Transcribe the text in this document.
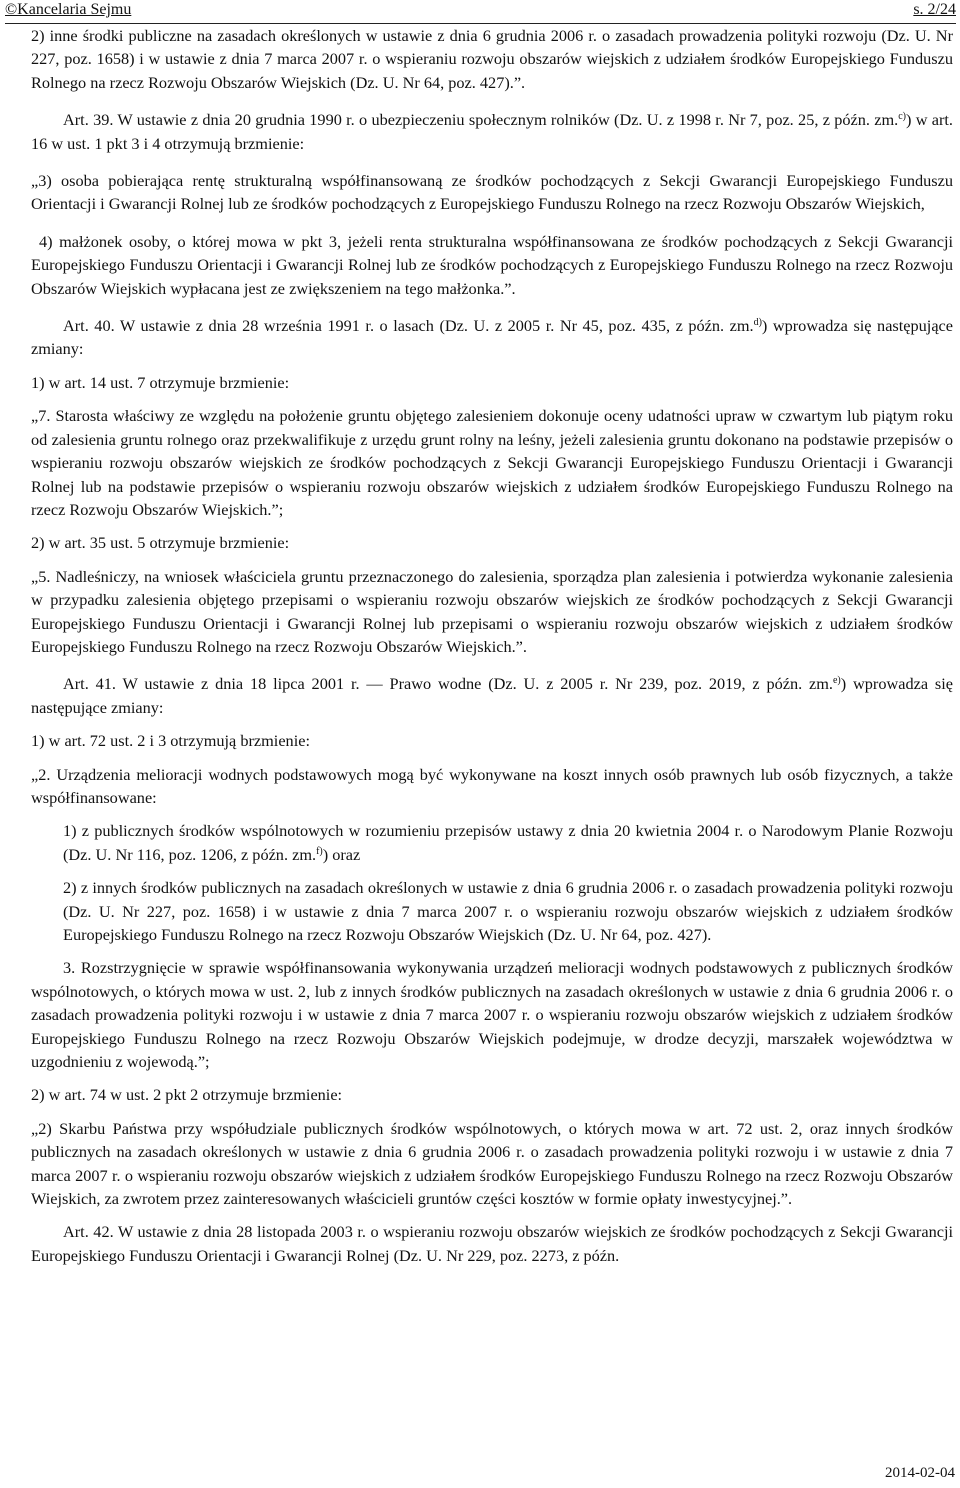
©Kancelaria Sejmu	s. 2/24

2) inne środki publiczne na zasadach określonych w ustawie z dnia 6 grudnia 2006 r. o zasadach prowadzenia polityki rozwoju (Dz. U. Nr 227, poz. 1658) i w ustawie z dnia 7 marca 2007 r. o wspieraniu rozwoju obszarów wiejskich z udziałem środków Europejskiego Funduszu Rolnego na rzecz Rozwoju Obszarów Wiejskich (Dz. U. Nr 64, poz. 427).”.

Art. 39. W ustawie z dnia 20 grudnia 1990 r. o ubezpieczeniu społecznym rolników (Dz. U. z 1998 r. Nr 7, poz. 25, z późn. zm.$^{c)}$) w art. 16 w ust. 1 pkt 3 i 4 otrzymują brzmienie:

„3) osoba pobierająca rentę strukturalną współfinansowaną ze środków pochodzących z Sekcji Gwarancji Europejskiego Funduszu Orientacji i Gwarancji Rolnej lub ze środków pochodzących z Europejskiego Funduszu Rolnego na rzecz Rozwoju Obszarów Wiejskich,

4) małżonek osoby, o której mowa w pkt 3, jeżeli renta strukturalna współfinansowana ze środków pochodzących z Sekcji Gwarancji Europejskiego Funduszu Orientacji i Gwarancji Rolnej lub ze środków pochodzących z Europejskiego Funduszu Rolnego na rzecz Rozwoju Obszarów Wiejskich wypłacana jest ze zwiększeniem na tego małżonka.”.

Art. 40. W ustawie z dnia 28 września 1991 r. o lasach (Dz. U. z 2005 r. Nr 45, poz. 435, z późn. zm.$^{d)}$) wprowadza się następujące zmiany:

1) w art. 14 ust. 7 otrzymuje brzmienie:

„7. Starosta właściwy ze względu na położenie gruntu objętego zalesieniem dokonuje oceny udatności upraw w czwartym lub piątym roku od zalesienia gruntu rolnego oraz przekwalifikuje z urzędu grunt rolny na leśny, jeżeli zalesienia gruntu dokonano na podstawie przepisów o wspieraniu rozwoju obszarów wiejskich ze środków pochodzących z Sekcji Gwarancji Europejskiego Funduszu Orientacji i Gwarancji Rolnej lub na podstawie przepisów o wspieraniu rozwoju obszarów wiejskich z udziałem środków Europejskiego Funduszu Rolnego na rzecz Rozwoju Obszarów Wiejskich.”;

2) w art. 35 ust. 5 otrzymuje brzmienie:

„5. Nadleśniczy, na wniosek właściciela gruntu przeznaczonego do zalesienia, sporządza plan zalesienia i potwierdza wykonanie zalesienia w przypadku zalesienia objętego przepisami o wspieraniu rozwoju obszarów wiejskich ze środków pochodzących z Sekcji Gwarancji Europejskiego Funduszu Orientacji i Gwarancji Rolnej lub przepisami o wspieraniu rozwoju obszarów wiejskich z udziałem środków Europejskiego Funduszu Rolnego na rzecz Rozwoju Obszarów Wiejskich.”.

Art. 41. W ustawie z dnia 18 lipca 2001 r. — Prawo wodne (Dz. U. z 2005 r. Nr 239, poz. 2019, z późn. zm.$^{e)}$) wprowadza się następujące zmiany:

1) w art. 72 ust. 2 i 3 otrzymują brzmienie:

„2. Urządzenia melioracji wodnych podstawowych mogą być wykonywane na koszt innych osób prawnych lub osób fizycznych, a także współfinansowane:

1) z publicznych środków wspólnotowych w rozumieniu przepisów ustawy z dnia 20 kwietnia 2004 r. o Narodowym Planie Rozwoju (Dz. U. Nr 116, poz. 1206, z późn. zm.$^{f)}$) oraz

2) z innych środków publicznych na zasadach określonych w ustawie z dnia 6 grudnia 2006 r. o zasadach prowadzenia polityki rozwoju (Dz. U. Nr 227, poz. 1658) i w ustawie z dnia 7 marca 2007 r. o wspieraniu rozwoju obszarów wiejskich z udziałem środków Europejskiego Funduszu Rolnego na rzecz Rozwoju Obszarów Wiejskich (Dz. U. Nr 64, poz. 427).

3. Rozstrzygnięcie w sprawie współfinansowania wykonywania urządzeń melioracji wodnych podstawowych z publicznych środków wspólnotowych, o których mowa w ust. 2, lub z innych środków publicznych na zasadach określonych w ustawie z dnia 6 grudnia 2006 r. o zasadach prowadzenia polityki rozwoju i w ustawie z dnia 7 marca 2007 r. o wspieraniu rozwoju obszarów wiejskich z udziałem środków Europejskiego Funduszu Rolnego na rzecz Rozwoju Obszarów Wiejskich podejmuje, w drodze decyzji, marszałek województwa w uzgodnieniu z wojewodą.”;

2) w art. 74 w ust. 2 pkt 2 otrzymuje brzmienie:

„2) Skarbu Państwa przy współudziale publicznych środków wspólnotowych, o których mowa w art. 72 ust. 2, oraz innych środków publicznych na zasadach określonych w ustawie z dnia 6 grudnia 2006 r. o zasadach prowadzenia polityki rozwoju i w ustawie z dnia 7 marca 2007 r. o wspieraniu rozwoju obszarów wiejskich z udziałem środków Europejskiego Funduszu Rolnego na rzecz Rozwoju Obszarów Wiejskich, za zwrotem przez zainteresowanych właścicieli gruntów części kosztów w formie opłaty inwestycyjnej.”.

Art. 42. W ustawie z dnia 28 listopada 2003 r. o wspieraniu rozwoju obszarów wiejskich ze środków pochodzących z Sekcji Gwarancji Europejskiego Funduszu Orientacji i Gwarancji Rolnej (Dz. U. Nr 229, poz. 2273, z późn.

2014-02-04
